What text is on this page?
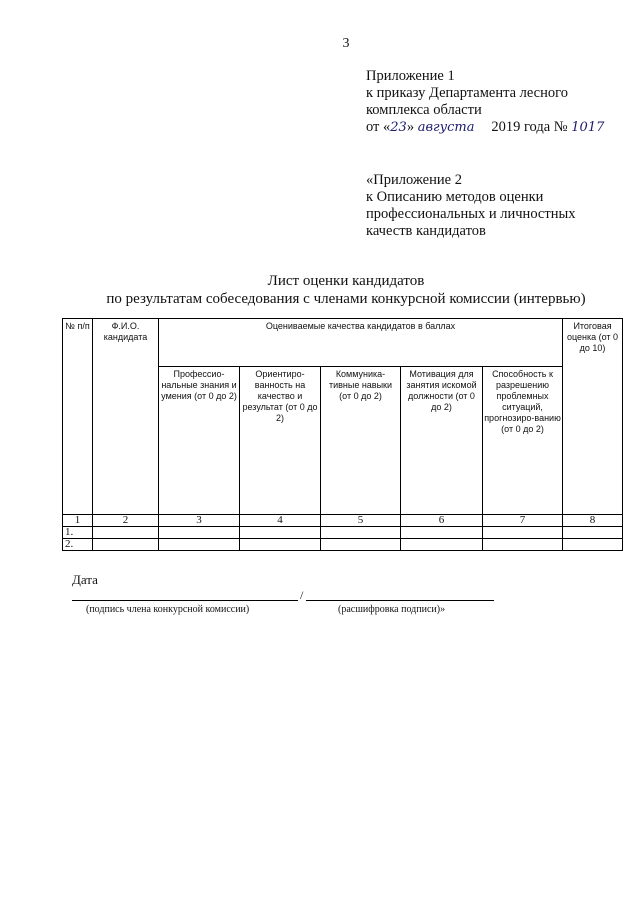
3
Приложение 1
к приказу Департамента лесного
комплекса области
от «23» августа 2019 года № 1017
«Приложение 2
к Описанию методов оценки
профессиональных и личностных
качеств кандидатов
Лист оценки кандидатов
по результатам собеседования с членами конкурсной комиссии (интервью)
№ п/п	Ф.И.О. кандидата	Оцениваемые качества кандидатов в баллах					Итоговая оценка (от 0 до 10)
		Профессио-нальные знания и умения (от 0 до 2)	Ориентиро-ванность на качество и результат (от 0 до 2)	Коммуника-тивные навыки (от 0 до 2)	Мотивация для занятия искомой должности (от 0 до 2)	Способность к разрешению проблемных ситуаций, прогнозиро-ванию (от 0 до 2)	
1	2	3	4	5	6	7	8
1.							
2.							
Дата
/
(подпись члена конкурсной комиссии)	(расшифровка подписи)»
